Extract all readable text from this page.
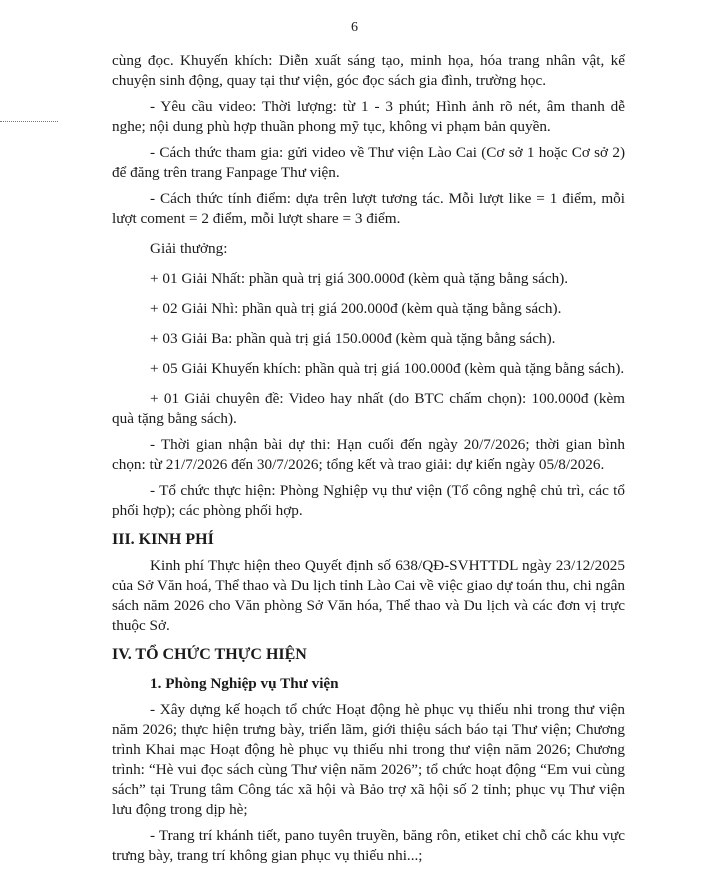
6

cùng đọc. Khuyến khích: Diễn xuất sáng tạo, minh họa, hóa trang nhân vật, kể chuyện sinh động, quay tại thư viện, góc đọc sách gia đình, trường học.

- Yêu cầu video: Thời lượng: từ 1 - 3 phút; Hình ảnh rõ nét, âm thanh dễ nghe; nội dung phù hợp thuần phong mỹ tục, không vi phạm bản quyền.

- Cách thức tham gia: gửi video về Thư viện Lào Cai (Cơ sở 1 hoặc Cơ sở 2) để đăng trên trang Fanpage Thư viện.

- Cách thức tính điểm: dựa trên lượt tương tác. Mỗi lượt like = 1 điểm, mỗi lượt coment = 2 điểm, mỗi lượt share = 3 điểm.

Giải thưởng:

+ 01 Giải Nhất: phần quà trị giá 300.000đ (kèm quà tặng bằng sách).

+ 02 Giải Nhì: phần quà trị giá 200.000đ (kèm quà tặng bằng sách).

+ 03 Giải Ba: phần quà trị giá 150.000đ (kèm quà tặng bằng sách).

+ 05 Giải Khuyến khích: phần quà trị giá 100.000đ (kèm quà tặng bằng sách).

+ 01 Giải chuyên đề: Video hay nhất (do BTC chấm chọn): 100.000đ (kèm quà tặng bằng sách).

- Thời gian nhận bài dự thi: Hạn cuối đến ngày 20/7/2026; thời gian bình chọn: từ 21/7/2026 đến 30/7/2026; tổng kết và trao giải: dự kiến ngày 05/8/2026.

- Tổ chức thực hiện: Phòng Nghiệp vụ thư viện (Tổ công nghệ chủ trì, các tổ phối hợp); các phòng phối hợp.

III. KINH PHÍ

Kinh phí Thực hiện theo Quyết định số 638/QĐ-SVHTTDL ngày 23/12/2025 của Sở Văn hoá, Thể thao và Du lịch tỉnh Lào Cai về việc giao dự toán thu, chi ngân sách năm 2026 cho Văn phòng Sở Văn hóa, Thể thao và Du lịch và các đơn vị trực thuộc Sở.

IV. TỔ CHỨC THỰC HIỆN

1. Phòng Nghiệp vụ Thư viện

- Xây dựng kế hoạch tổ chức Hoạt động hè phục vụ thiếu nhi trong thư viện năm 2026; thực hiện trưng bày, triển lãm, giới thiệu sách báo tại Thư viện; Chương trình Khai mạc Hoạt động hè phục vụ thiếu nhi trong thư viện năm 2026; Chương trình: “Hè vui đọc sách cùng Thư viện năm 2026”; tổ chức hoạt động “Em vui cùng sách” tại Trung tâm Công tác xã hội và Bảo trợ xã hội số 2 tỉnh; phục vụ Thư viện lưu động trong dịp hè;

- Trang trí khánh tiết, pano tuyên truyền, băng rôn, etiket chỉ chỗ các khu vực trưng bày, trang trí không gian phục vụ thiếu nhi...;
